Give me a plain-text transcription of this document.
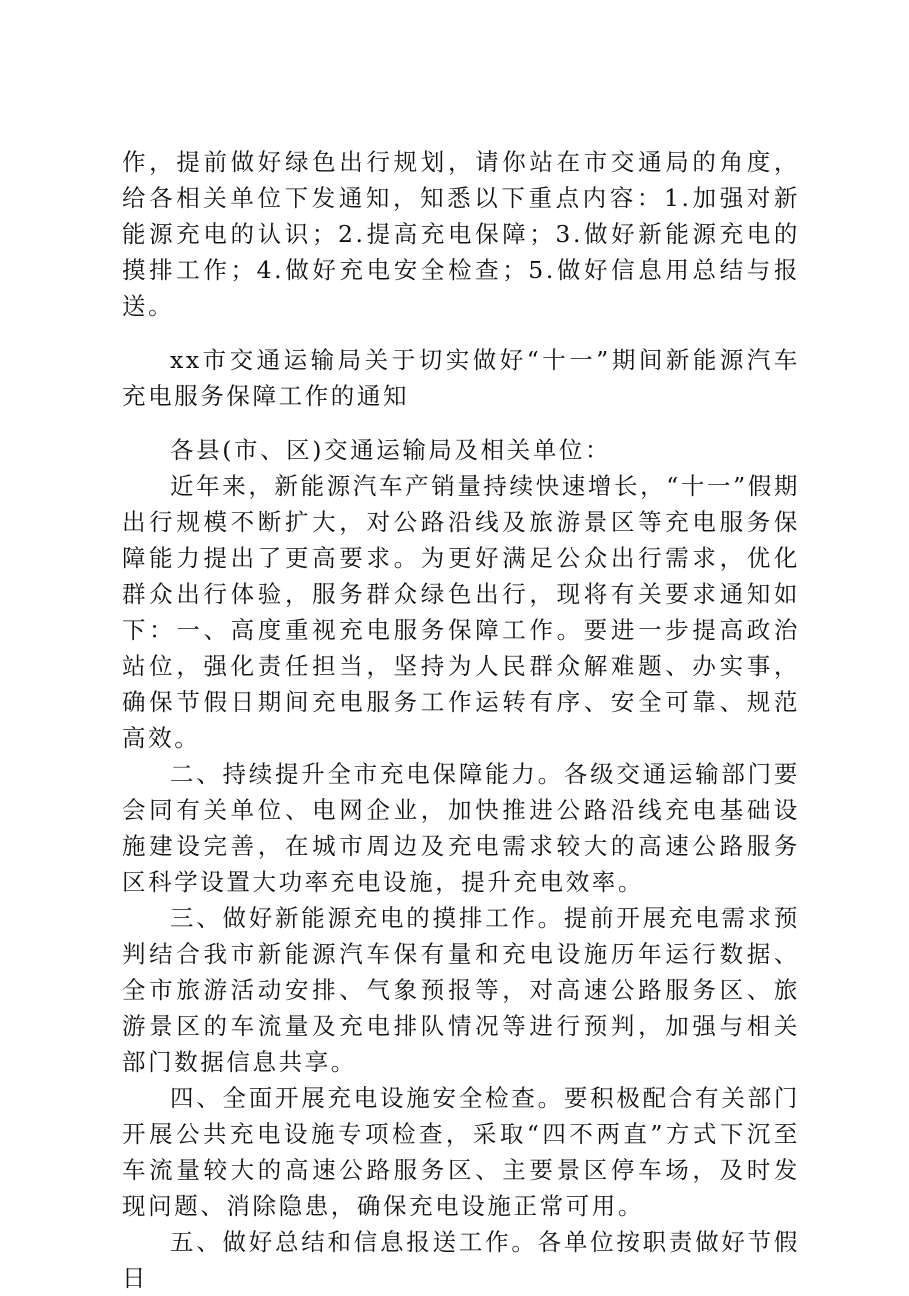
作，提前做好绿色出行规划，请你站在市交通局的角度，给各相关单位下发通知，知悉以下重点内容：1.加强对新能源充电的认识；2.提高充电保障；3.做好新能源充电的摸排工作；4.做好充电安全检查；5.做好信息用总结与报送。

xx市交通运输局关于切实做好“十一”期间新能源汽车充电服务保障工作的通知

各县(市、区)交通运输局及相关单位：

近年来，新能源汽车产销量持续快速增长，“十一”假期出行规模不断扩大，对公路沿线及旅游景区等充电服务保障能力提出了更高要求。为更好满足公众出行需求，优化群众出行体验，服务群众绿色出行，现将有关要求通知如下：一、高度重视充电服务保障工作。要进一步提高政治站位，强化责任担当，坚持为人民群众解难题、办实事，确保节假日期间充电服务工作运转有序、安全可靠、规范高效。

二、持续提升全市充电保障能力。各级交通运输部门要会同有关单位、电网企业，加快推进公路沿线充电基础设施建设完善，在城市周边及充电需求较大的高速公路服务区科学设置大功率充电设施，提升充电效率。

三、做好新能源充电的摸排工作。提前开展充电需求预判结合我市新能源汽车保有量和充电设施历年运行数据、全市旅游活动安排、气象预报等，对高速公路服务区、旅游景区的车流量及充电排队情况等进行预判，加强与相关部门数据信息共享。

四、全面开展充电设施安全检查。要积极配合有关部门开展公共充电设施专项检查，采取“四不两直”方式下沉至车流量较大的高速公路服务区、主要景区停车场，及时发现问题、消除隐患，确保充电设施正常可用。

五、做好总结和信息报送工作。各单位按职责做好节假日
